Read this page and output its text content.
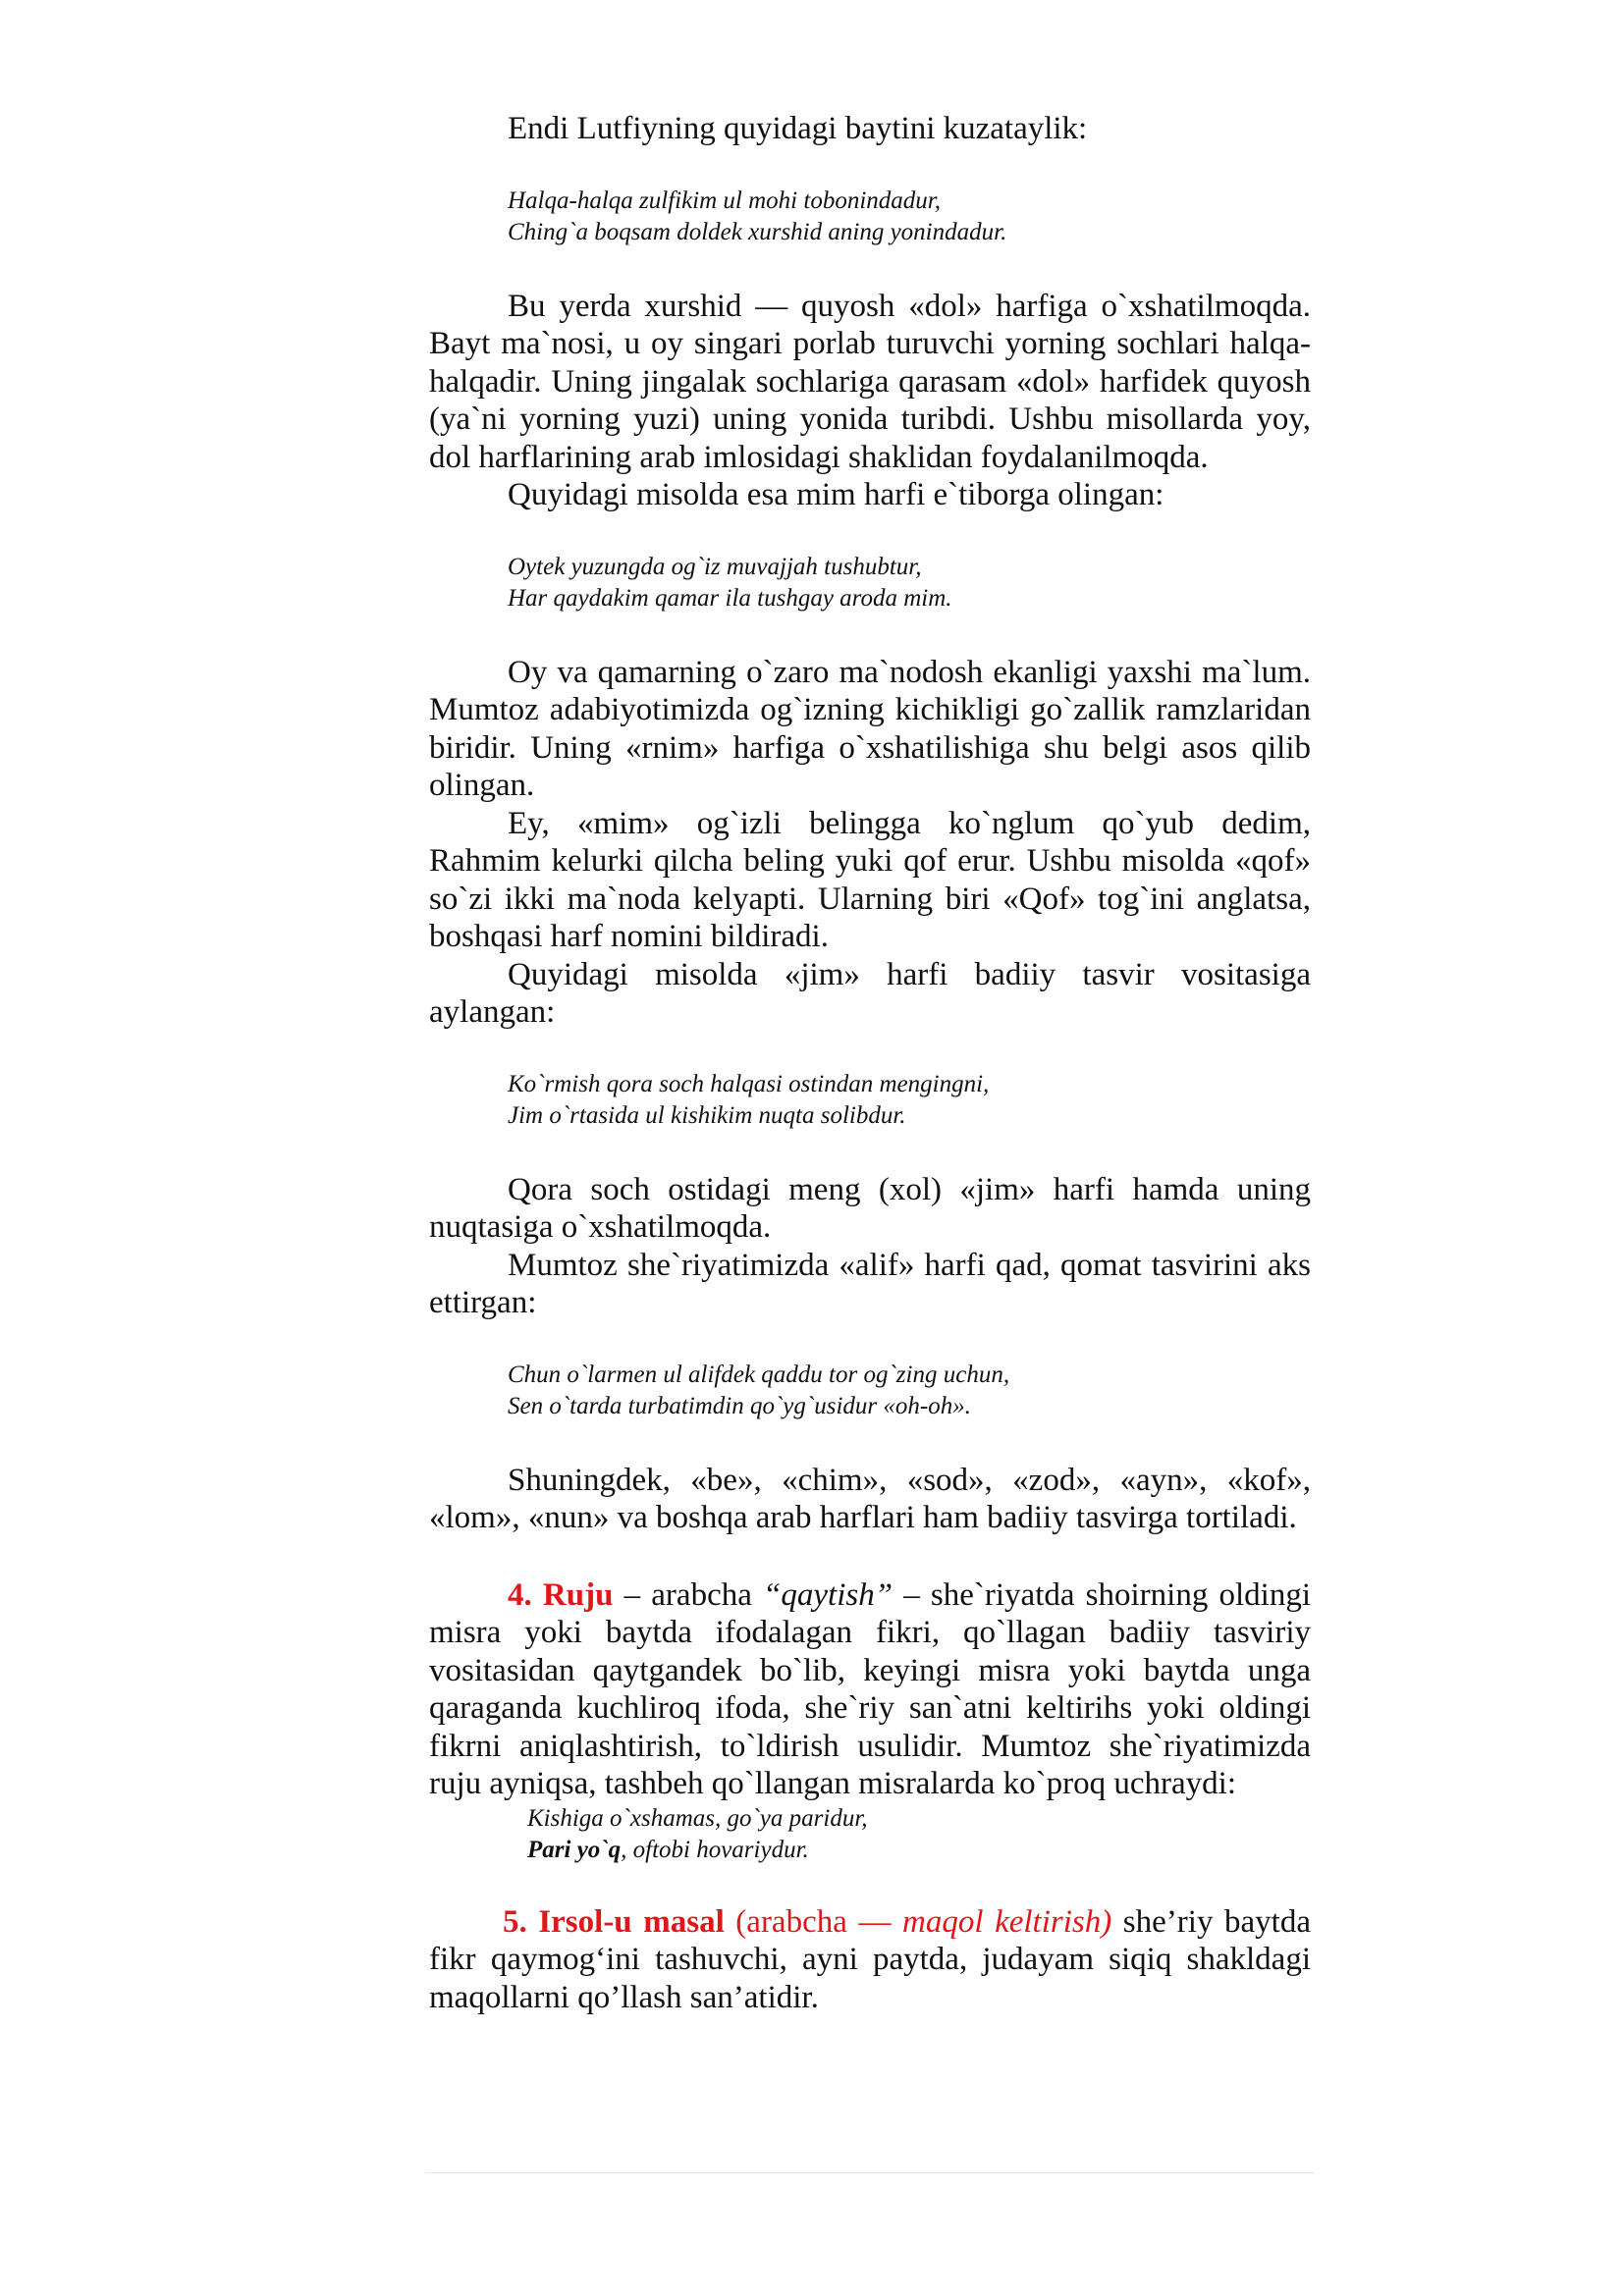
Endi Lutfiyning quyidagi baytini kuzataylik:

Halqa-halqa zulfikim ul mohi tobonindadur,

Ching`a boqsam doldek xurshid aning yonindadur.

Bu yerda xurshid — quyosh «dol» harfiga o`xshatilmoqda. Bayt ma`nosi, u oy singari porlab turuvchi yorning sochlari halqa-halqadir. Uning jingalak sochlariga qarasam «dol» harfidek quyosh (ya`ni yorning yuzi) uning yonida turibdi. Ushbu misollarda yoy, dol harflarining arab imlosidagi shaklidan foydalanilmoqda.

Quyidagi misolda esa mim harfi e`tiborga olingan:

Oytek yuzungda og`iz muvajjah tushubtur,

Har qaydakim qamar ila tushgay aroda mim.

Oy va qamarning o`zaro ma`nodosh ekanligi yaxshi ma`lum. Mumtoz adabiyotimizda og`izning kichikligi go`zallik ramzlaridan biridir. Uning «rnim» harfiga o`xshatilishiga shu belgi asos qilib olingan.

Ey, «mim» og`izli belingga ko`nglum qo`yub dedim, Rahmim kelurki qilcha beling yuki qof erur. Ushbu misolda «qof» so`zi ikki ma`noda kelyapti. Ularning biri «Qof» tog`ini anglatsa, boshqasi harf nomini bildiradi.

Quyidagi misolda «jim» harfi badiiy tasvir vositasiga aylangan:

Ko`rmish qora soch halqasi ostindan mengingni,

Jim o`rtasida ul kishikim nuqta solibdur.

Qora soch ostidagi meng (xol) «jim» harfi hamda uning nuqtasiga o`xshatilmoqda.

Mumtoz she`riyatimizda «alif» harfi qad, qomat tasvirini aks ettirgan:

Chun o`larmen ul alifdek qaddu tor og`zing uchun,

Sen o`tarda turbatimdin qo`yg`usidur «oh-oh».

Shuningdek, «be», «chim», «sod», «zod», «ayn», «kof», «lom», «nun» va boshqa arab harflari ham badiiy tasvirga tortiladi.

4. Ruju – arabcha “qaytish” – she`riyatda shoirning oldingi misra yoki baytda ifodalagan fikri, qo`llagan badiiy tasviriy vositasidan qaytgandek bo`lib, keyingi misra yoki baytda unga qaraganda kuchliroq ifoda, she`riy san`atni keltirihs yoki oldingi fikrni aniqlashtirish, to`ldirish usulidir. Mumtoz she`riyatimizda ruju ayniqsa, tashbeh qo`llangan misralarda ko`proq uchraydi:

Kishiga o`xshamas, go`ya paridur,

Pari yo`q, oftobi hovariydur.

5. Irsol-u masal (arabcha — maqol keltirish) she’riy baytda fikr qaymog‘ini tashuvchi, ayni paytda, judayam siqiq shakldagi maqollarni qo’llash san’atidir.
